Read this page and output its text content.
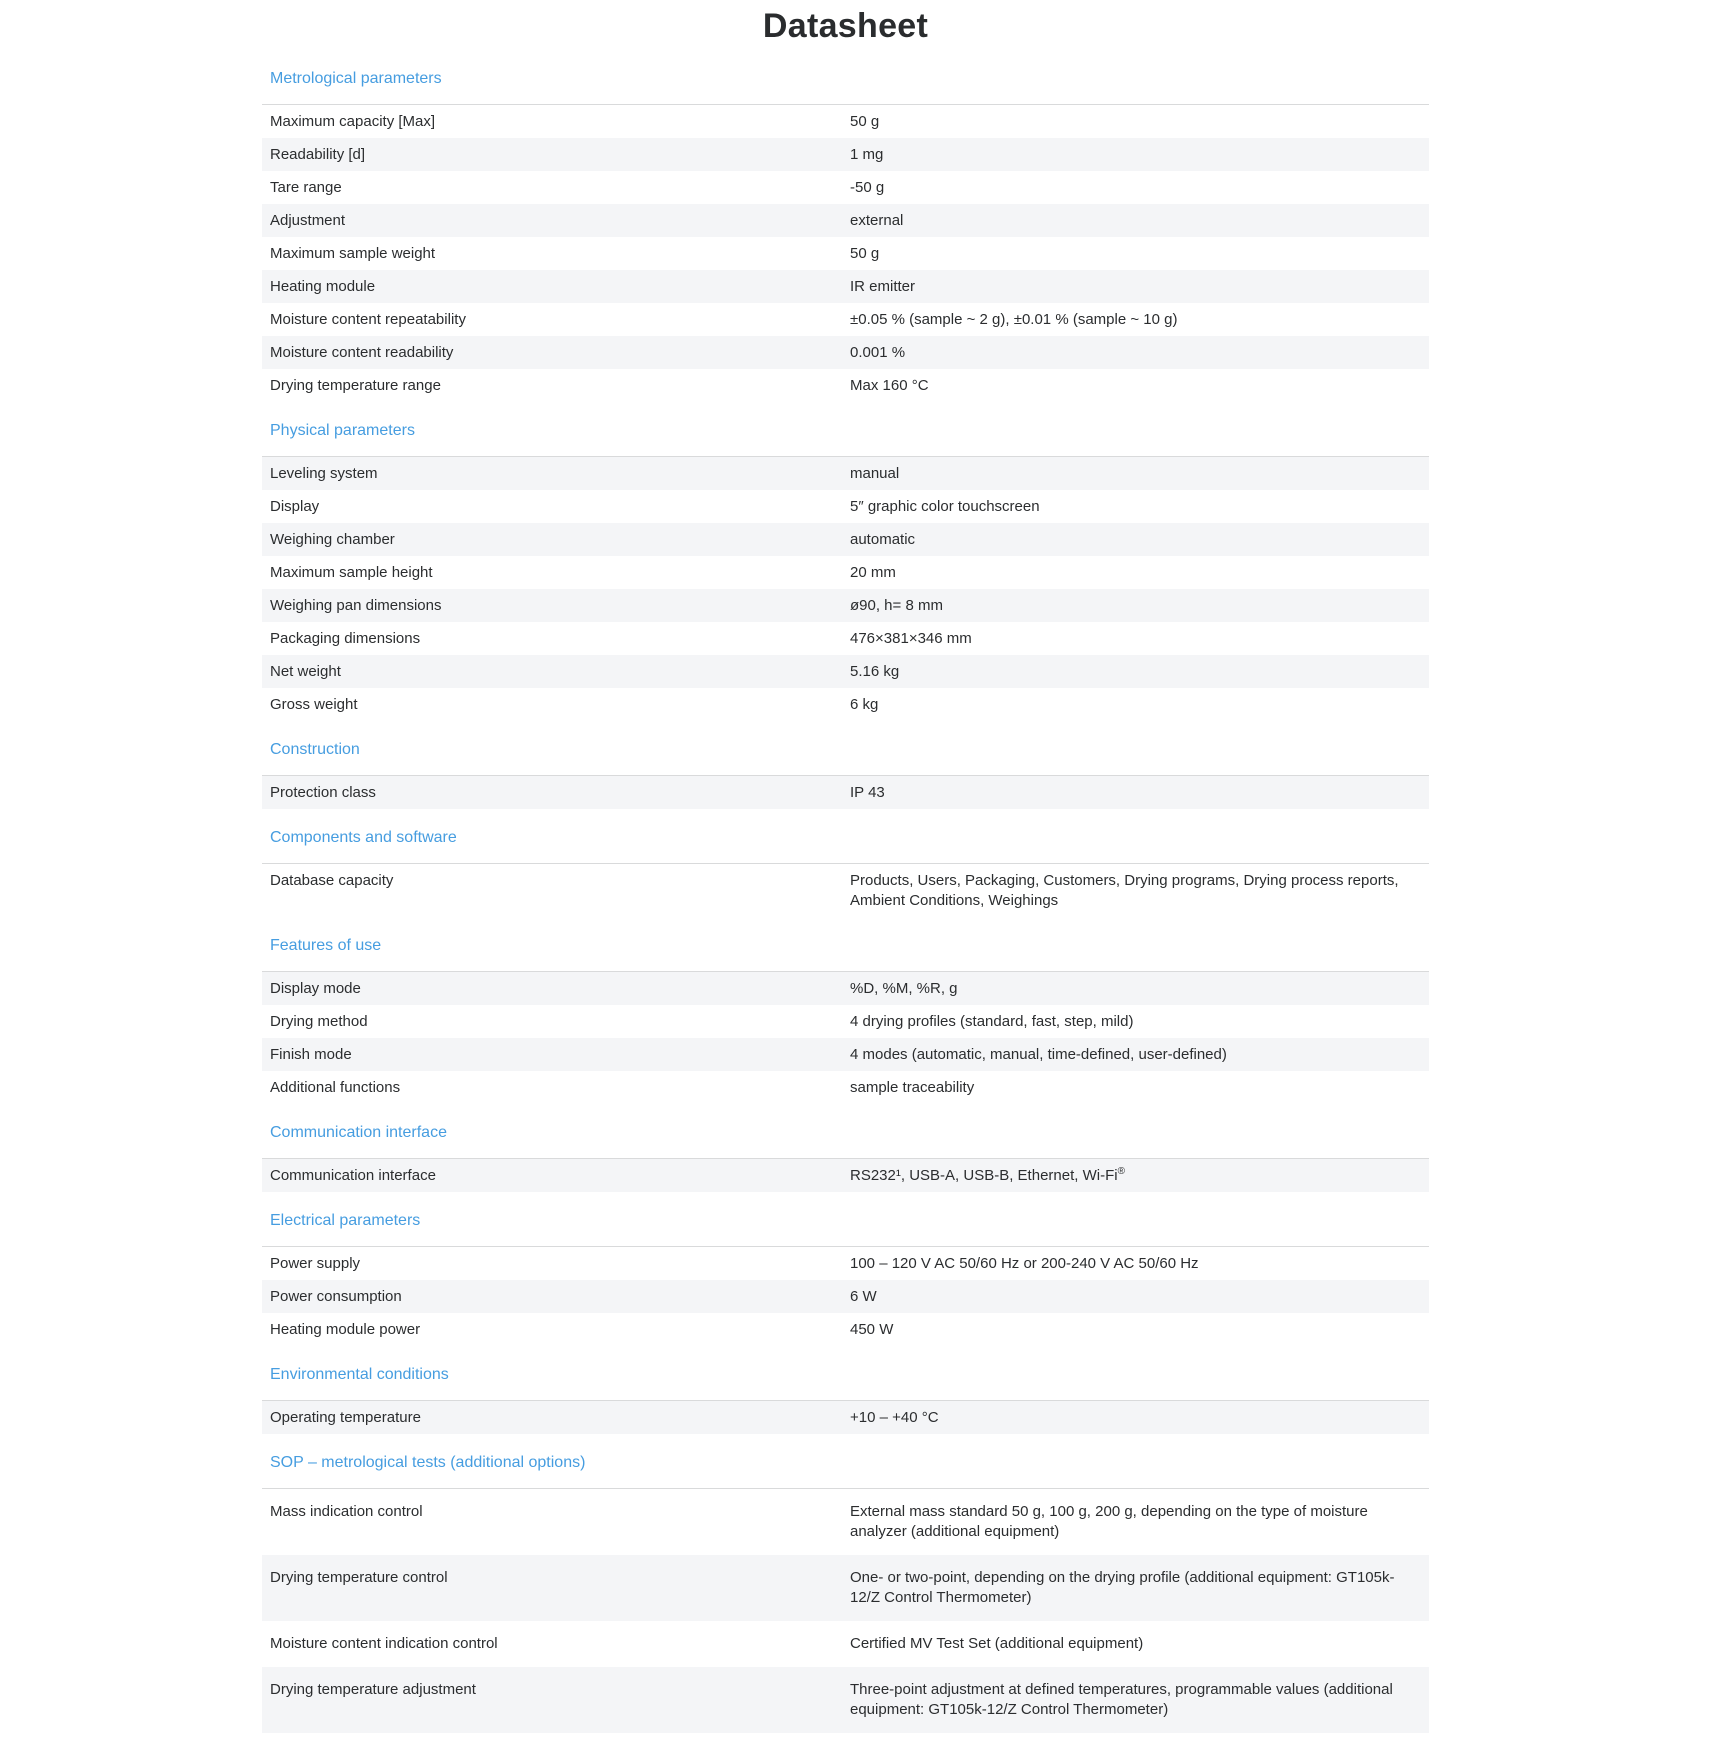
Datasheet
Metrological parameters
Maximum capacity [Max]	50 g
Readability [d]	1 mg
Tare range	-50 g
Adjustment	external
Maximum sample weight	50 g
Heating module	IR emitter
Moisture content repeatability	±0.05 % (sample ~ 2 g), ±0.01 % (sample ~ 10 g)
Moisture content readability	0.001 %
Drying temperature range	Max 160 °C
Physical parameters
Leveling system	manual
Display	5″ graphic color touchscreen
Weighing chamber	automatic
Maximum sample height	20 mm
Weighing pan dimensions	ø90, h= 8 mm
Packaging dimensions	476×381×346 mm
Net weight	5.16 kg
Gross weight	6 kg
Construction
Protection class	IP 43
Components and software
Database capacity	Products, Users, Packaging, Customers, Drying programs, Drying process reports, Ambient Conditions, Weighings
Features of use
Display mode	%D, %M, %R, g
Drying method	4 drying profiles (standard, fast, step, mild)
Finish mode	4 modes (automatic, manual, time-defined, user-defined)
Additional functions	sample traceability
Communication interface
Communication interface	RS232¹, USB-A, USB-B, Ethernet, Wi-Fi®
Electrical parameters
Power supply	100 – 120 V AC 50/60 Hz or 200-240 V AC 50/60 Hz
Power consumption	6 W
Heating module power	450 W
Environmental conditions
Operating temperature	+10 – +40 °C
SOP – metrological tests (additional options)
Mass indication control	External mass standard 50 g, 100 g, 200 g, depending on the type of moisture analyzer (additional equipment)
Drying temperature control	One- or two-point, depending on the drying profile (additional equipment: GT105k-12/Z Control Thermometer)
Moisture content indication control	Certified MV Test Set (additional equipment)
Drying temperature adjustment	Three-point adjustment at defined temperatures, programmable values (additional equipment: GT105k-12/Z Control Thermometer)
